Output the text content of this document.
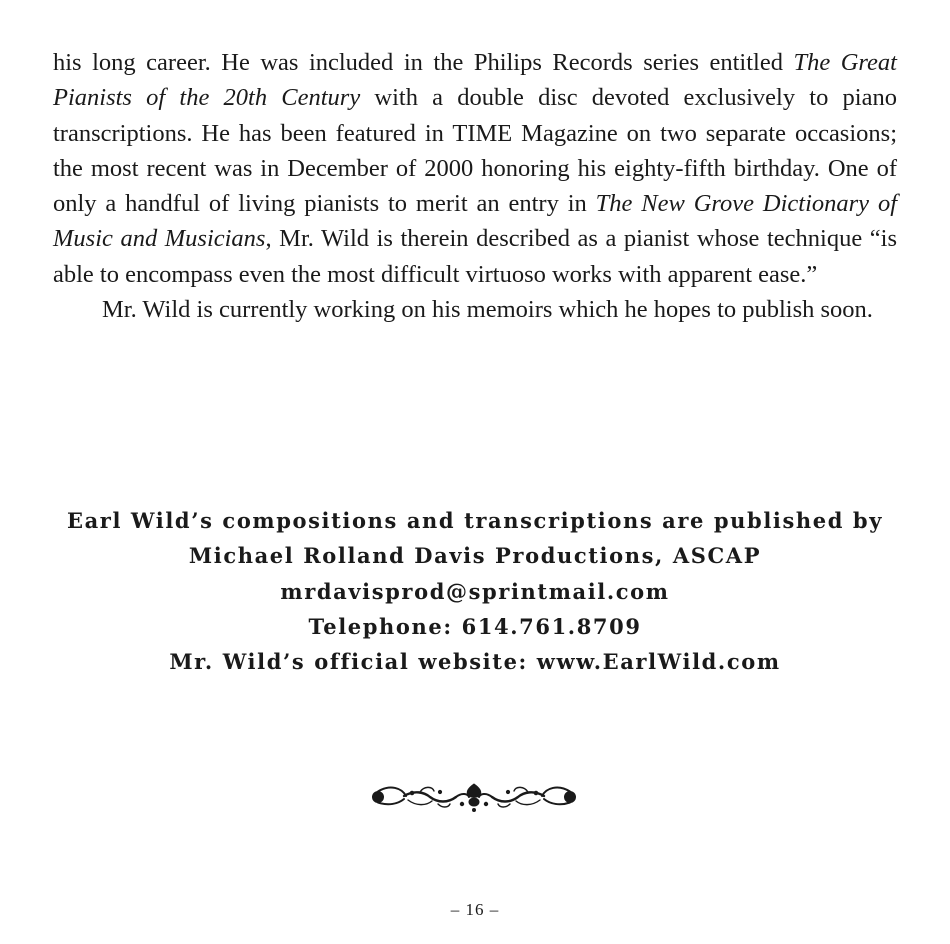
his long career. He was included in the Philips Records series entitled The Great Pianists of the 20th Century with a double disc devoted exclusively to piano transcriptions. He has been featured in TIME Magazine on two separate occasions; the most recent was in December of 2000 honoring his eighty-fifth birthday. One of only a handful of living pianists to merit an entry in The New Grove Dictionary of Music and Musicians, Mr. Wild is therein described as a pianist whose technique “is able to encompass even the most difficult virtuoso works with apparent ease.”

Mr. Wild is currently working on his memoirs which he hopes to publish soon.

Earl Wild’s compositions and transcriptions are published by
Michael Rolland Davis Productions, ASCAP
mrdavisprod@sprintmail.com
Telephone: 614.761.8709
Mr. Wild’s official website: www.EarlWild.com
– 16 –
